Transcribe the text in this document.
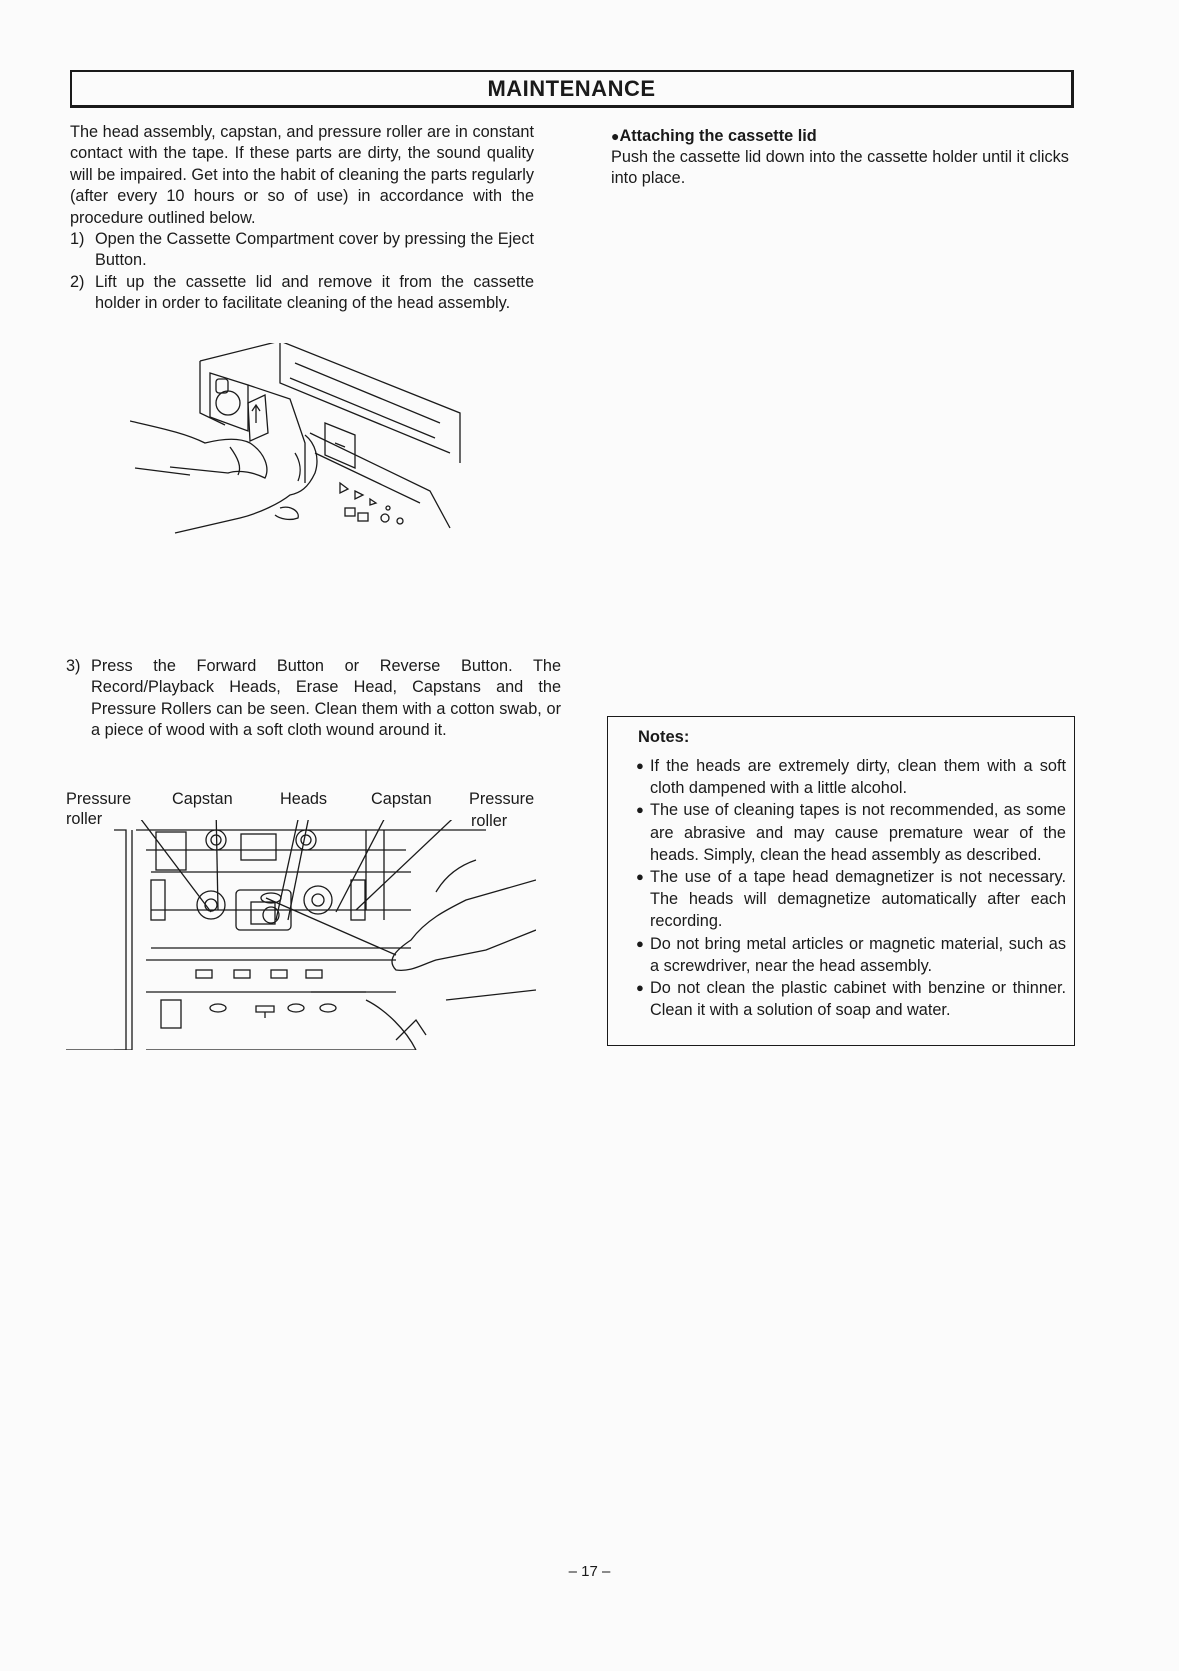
MAINTENANCE

The head assembly, capstan, and pressure roller are in constant contact with the tape. If these parts are dirty, the sound quality will be impaired. Get into the habit of cleaning the parts regularly (after every 10 hours or so of use) in accordance with the procedure outlined below.

1) Open the Cassette Compartment cover by pressing the Eject Button.
2) Lift up the cassette lid and remove it from the cassette holder in order to facilitate cleaning of the head assembly.
3) Press the Forward Button or Reverse Button. The Record/Playback Heads, Erase Head, Capstans and the Pressure Rollers can be seen. Clean them with a cotton swab, or a piece of wood with a soft cloth wound around it.
Pressure
roller
Capstan	Heads	Capstan Pressure
roller

●Attaching the cassette lid

Push the cassette lid down into the cassette holder until it clicks into place.

Notes:
● If the heads are extremely dirty, clean them with a soft cloth dampened with a little alcohol.
● The use of cleaning tapes is not recommended, as some are abrasive and may cause premature wear of the heads. Simply, clean the head assembly as described.
● The use of a tape head demagnetizer is not necessary. The heads will demagnetize automatically after each recording.
● Do not bring metal articles or magnetic material, such as a screwdriver, near the head assembly.
● Do not clean the plastic cabinet with benzine or thinner. Clean it with a solution of soap and water.
– 17 –
